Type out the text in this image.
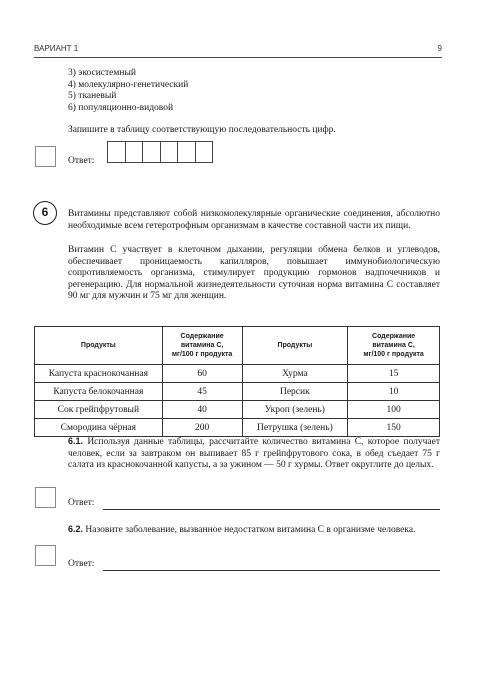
ВАРИАНТ 1	9
3) экосистемный
4) молекулярно-генетический
5) тканевый
6) популяционно-видовой
Запишите в таблицу соответствующую последовательность цифр.
Ответ:
6	Витамины представляют собой низкомолекулярные органические соединения, абсолютно необходимые всем гетеротрофным организмам в качестве составной части их пищи.
Витамин С участвует в клеточном дыхании, регуляции обмена белков и углеводов, обеспечивает проницаемость капилляров, повышает иммунобиологическую сопротивляемость организма, стимулирует продукцию гормонов надпочечников и регенерацию. Для нормальной жизнедеятельности суточная норма витамина С составляет 90 мг для мужчин и 75 мг для женщин.
Продукты	Содержание
витамина С,
мг/100 г продукта	Продукты	Содержание
витамина С,
мг/100 г продукта
Капуста краснокочанная	60	Хурма	15
Капуста белокочанная	45	Персик	10
Сок грейпфрутовый	40	Укроп (зелень)	100
Смородина чёрная	200	Петрушка (зелень)	150
6.1. Используя данные таблицы, рассчитайте количество витамина С, которое получает человек, если за завтраком он выпивает 85 г грейпфрутового сока, в обед съедает 75 г салата из краснокочанной капусты, а за ужином — 50 г хурмы. Ответ округлите до целых.
Ответ:
6.2. Назовите заболевание, вызванное недостатком витамина С в организме человека.
Ответ:
